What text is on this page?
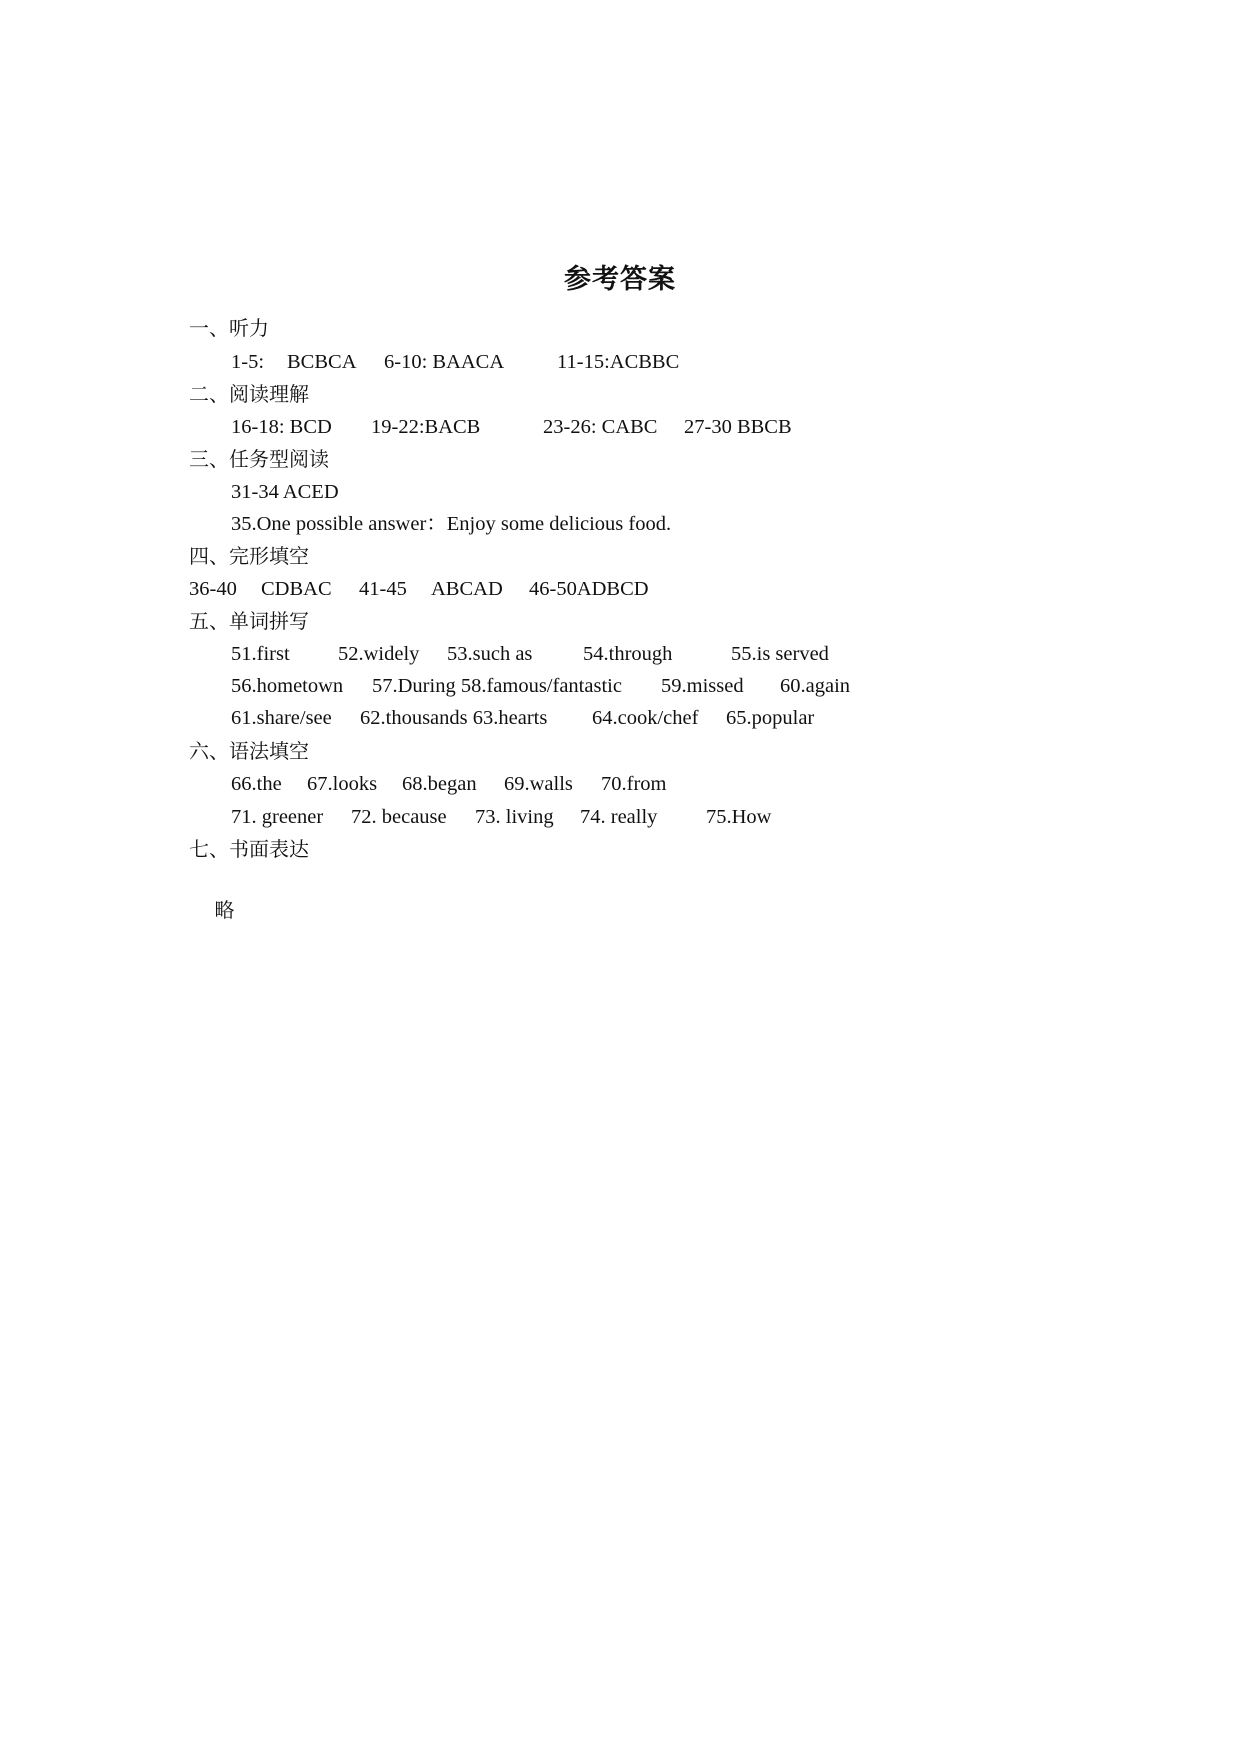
参考答案
一、听力

1-5:

BCBCA

6-10: BAACA

	11-15:ACBBC

二、阅读理解

16-18: BCD

19-22:BACB

	23-26: CABC

27-30 BBCB

三、任务型阅读

31-34 ACED

35.One possible answer：Enjoy some delicious food.

四、完形填空

36-40

CDBAC

41-45

ABCAD

46-50ADBCD

五、单词拼写

51.first

52.widely

53.such as

54.through

	55.is served

56.hometown

57.During 58.famous/fantastic

59.missed

60.again

61.share/see

62.thousands 63.hearts

64.cook/chef

65.popular

六、语法填空

66.the

67.looks

68.began

69.walls

70.from

71. greener

72. because

73. living

74. really

75.How

七、书面表达

略
